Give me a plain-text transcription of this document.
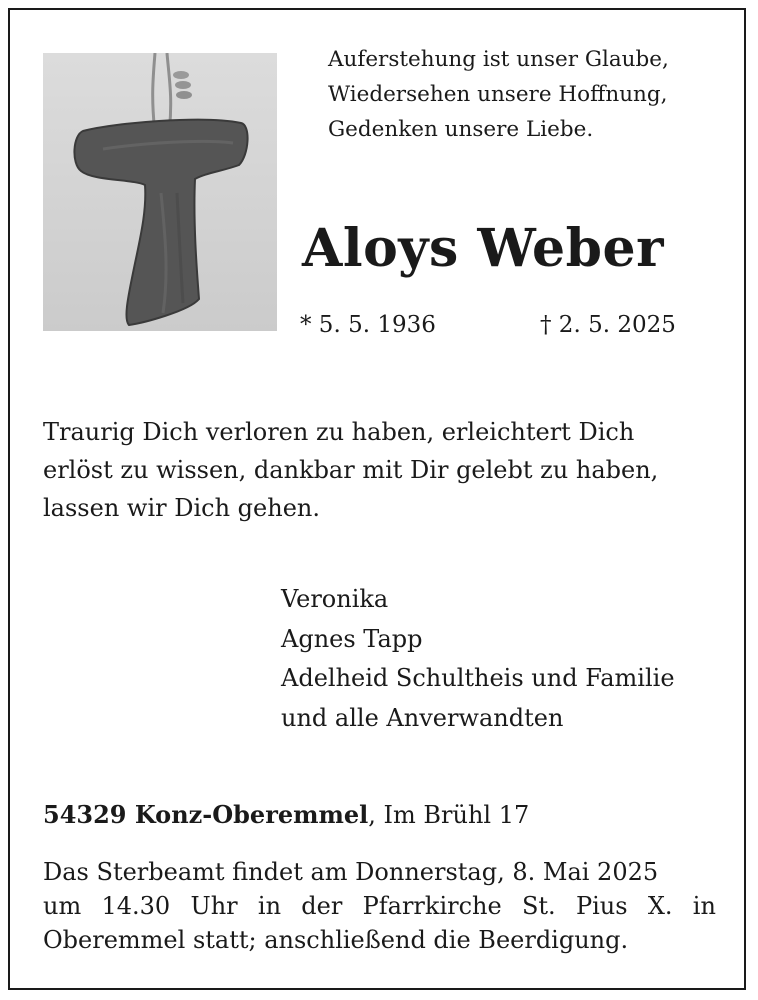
Auferstehung ist unser Glaube,
Wiedersehen unsere Hoffnung,
Gedenken unsere Liebe.
Aloys Weber
* 5. 5. 1936	† 2. 5. 2025
Traurig Dich verloren zu haben, erleichtert Dich
erlöst zu wissen, dankbar mit Dir gelebt zu haben,
lassen wir Dich gehen.
Veronika
Agnes Tapp
Adelheid Schultheis und Familie
und alle Anverwandten
54329 Konz-Oberemmel, Im Brühl 17
Das Sterbeamt findet am Donnerstag, 8. Mai 2025
um 14.30 Uhr in der Pfarrkirche St. Pius X. in
Oberemmel statt; anschließend die Beerdigung.
